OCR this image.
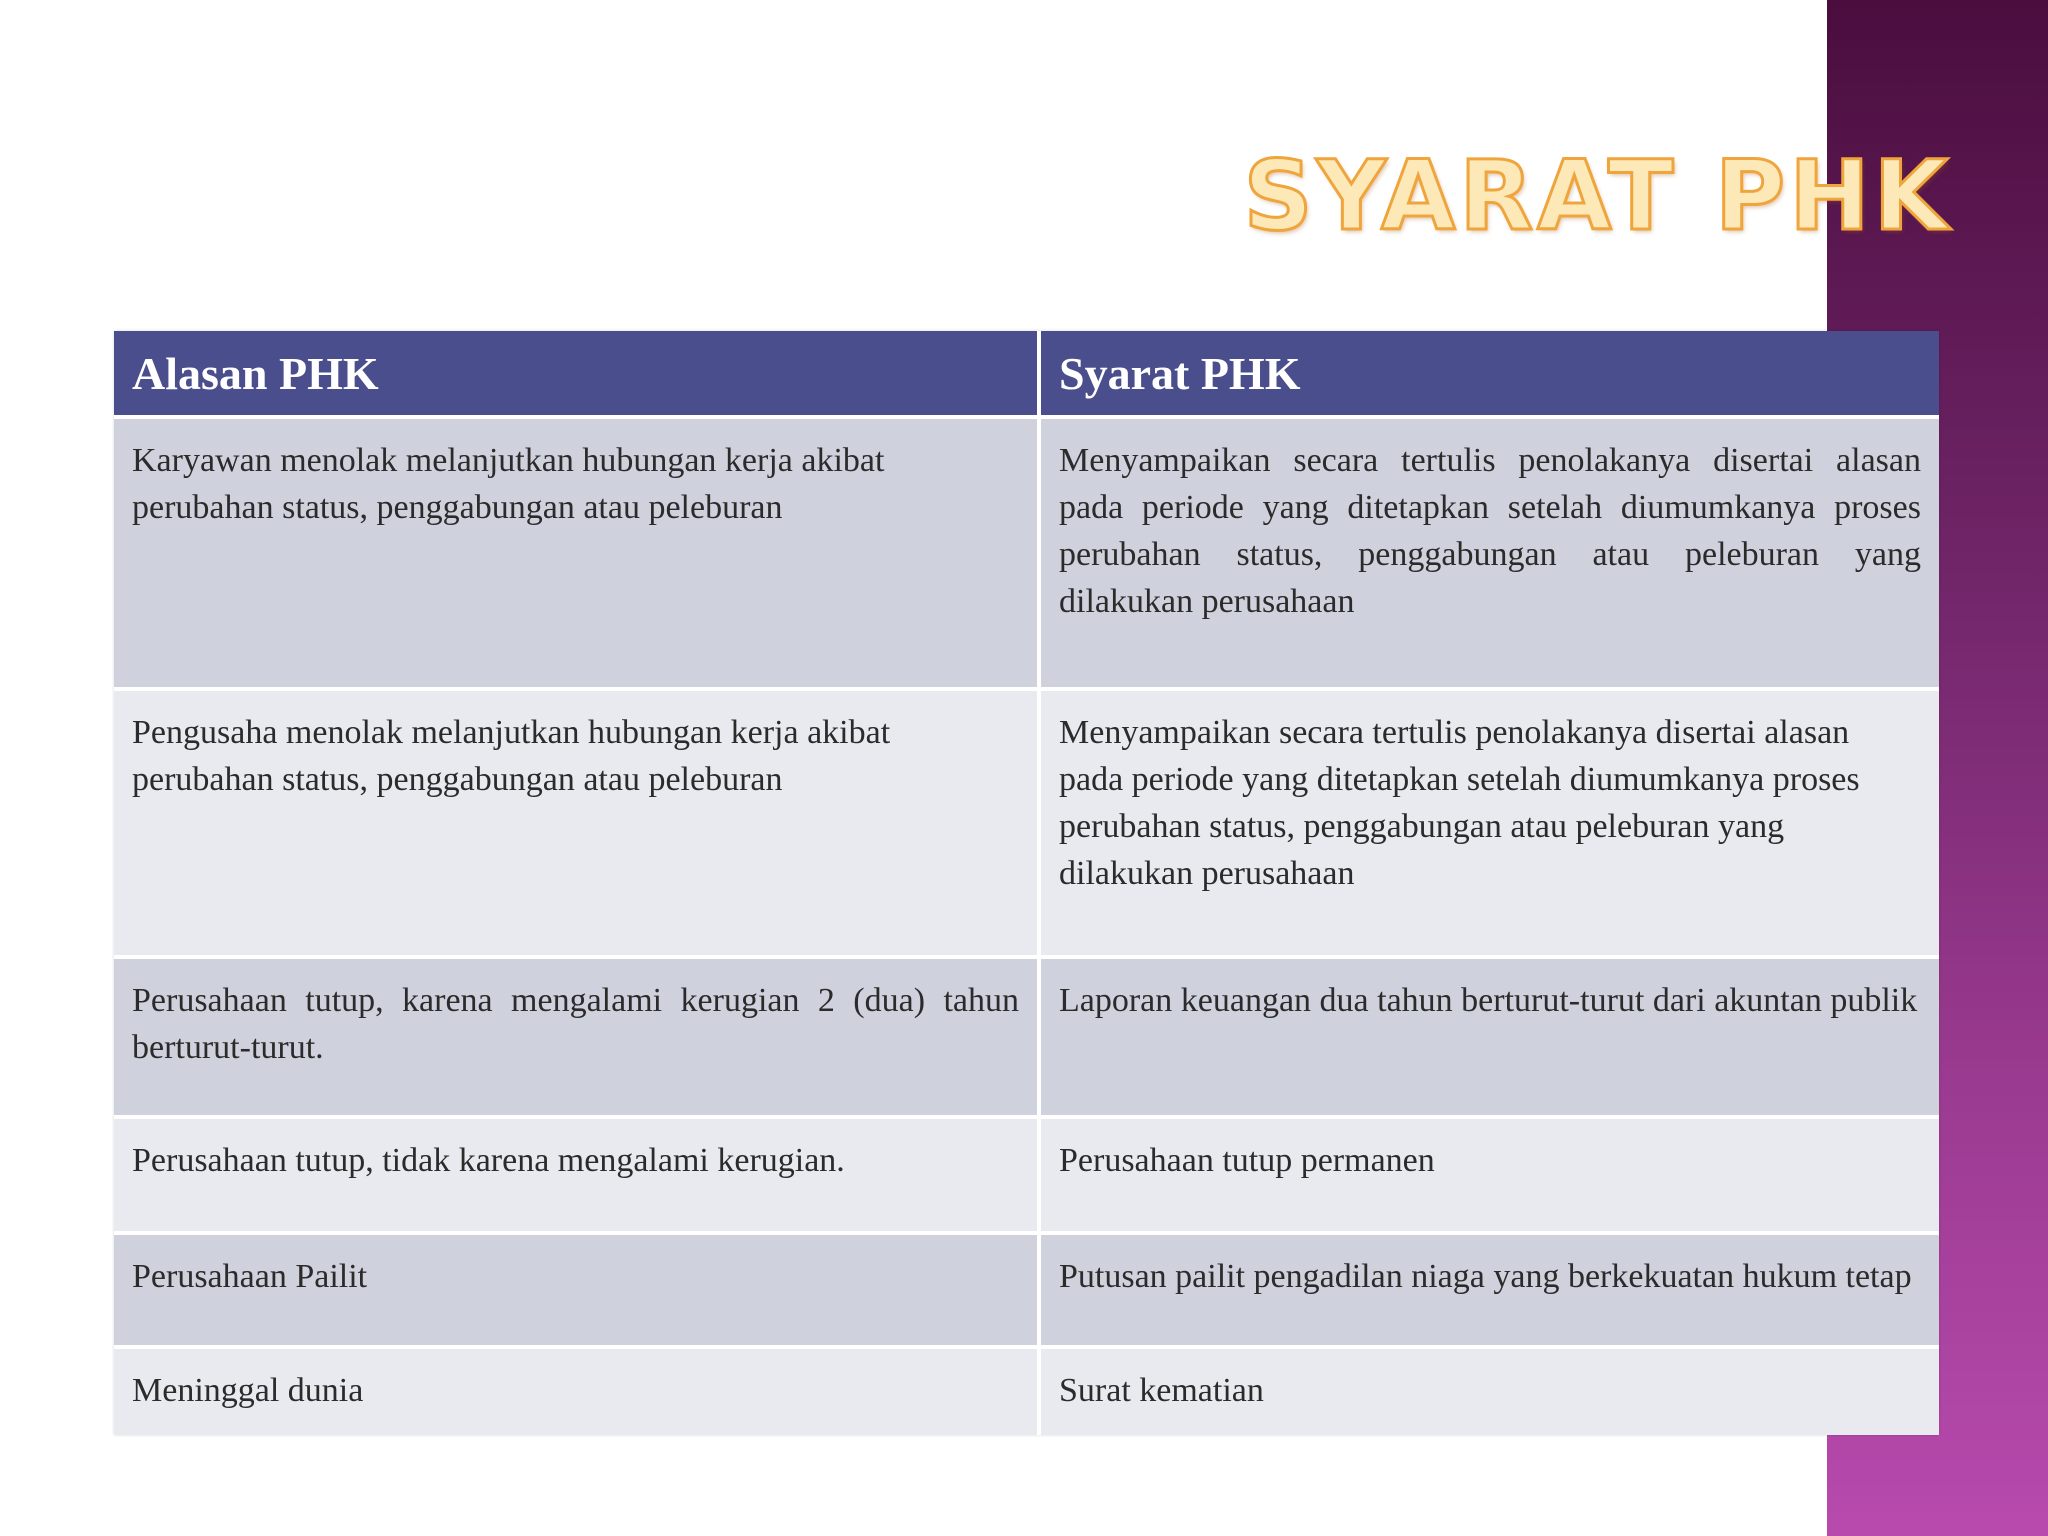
SYARAT PHK
Alasan PHK	Syarat PHK
Karyawan menolak melanjutkan hubungan kerja akibat perubahan status, penggabungan atau peleburan	Menyampaikan secara tertulis penolakanya disertai alasan pada periode yang ditetapkan setelah diumumkanya proses perubahan status, penggabungan atau peleburan yang dilakukan perusahaan
Pengusaha menolak melanjutkan hubungan kerja akibat perubahan status, penggabungan atau peleburan	Menyampaikan secara tertulis penolakanya disertai alasan pada periode yang ditetapkan setelah diumumkanya proses perubahan status, penggabungan atau peleburan yang dilakukan perusahaan
Perusahaan tutup, karena mengalami kerugian 2 (dua) tahun berturut-turut.	Laporan keuangan dua tahun berturut-turut dari akuntan publik
Perusahaan tutup, tidak karena mengalami kerugian.	Perusahaan tutup permanen
Perusahaan Pailit	Putusan pailit pengadilan niaga yang berkekuatan hukum tetap
Meninggal dunia	Surat kematian
